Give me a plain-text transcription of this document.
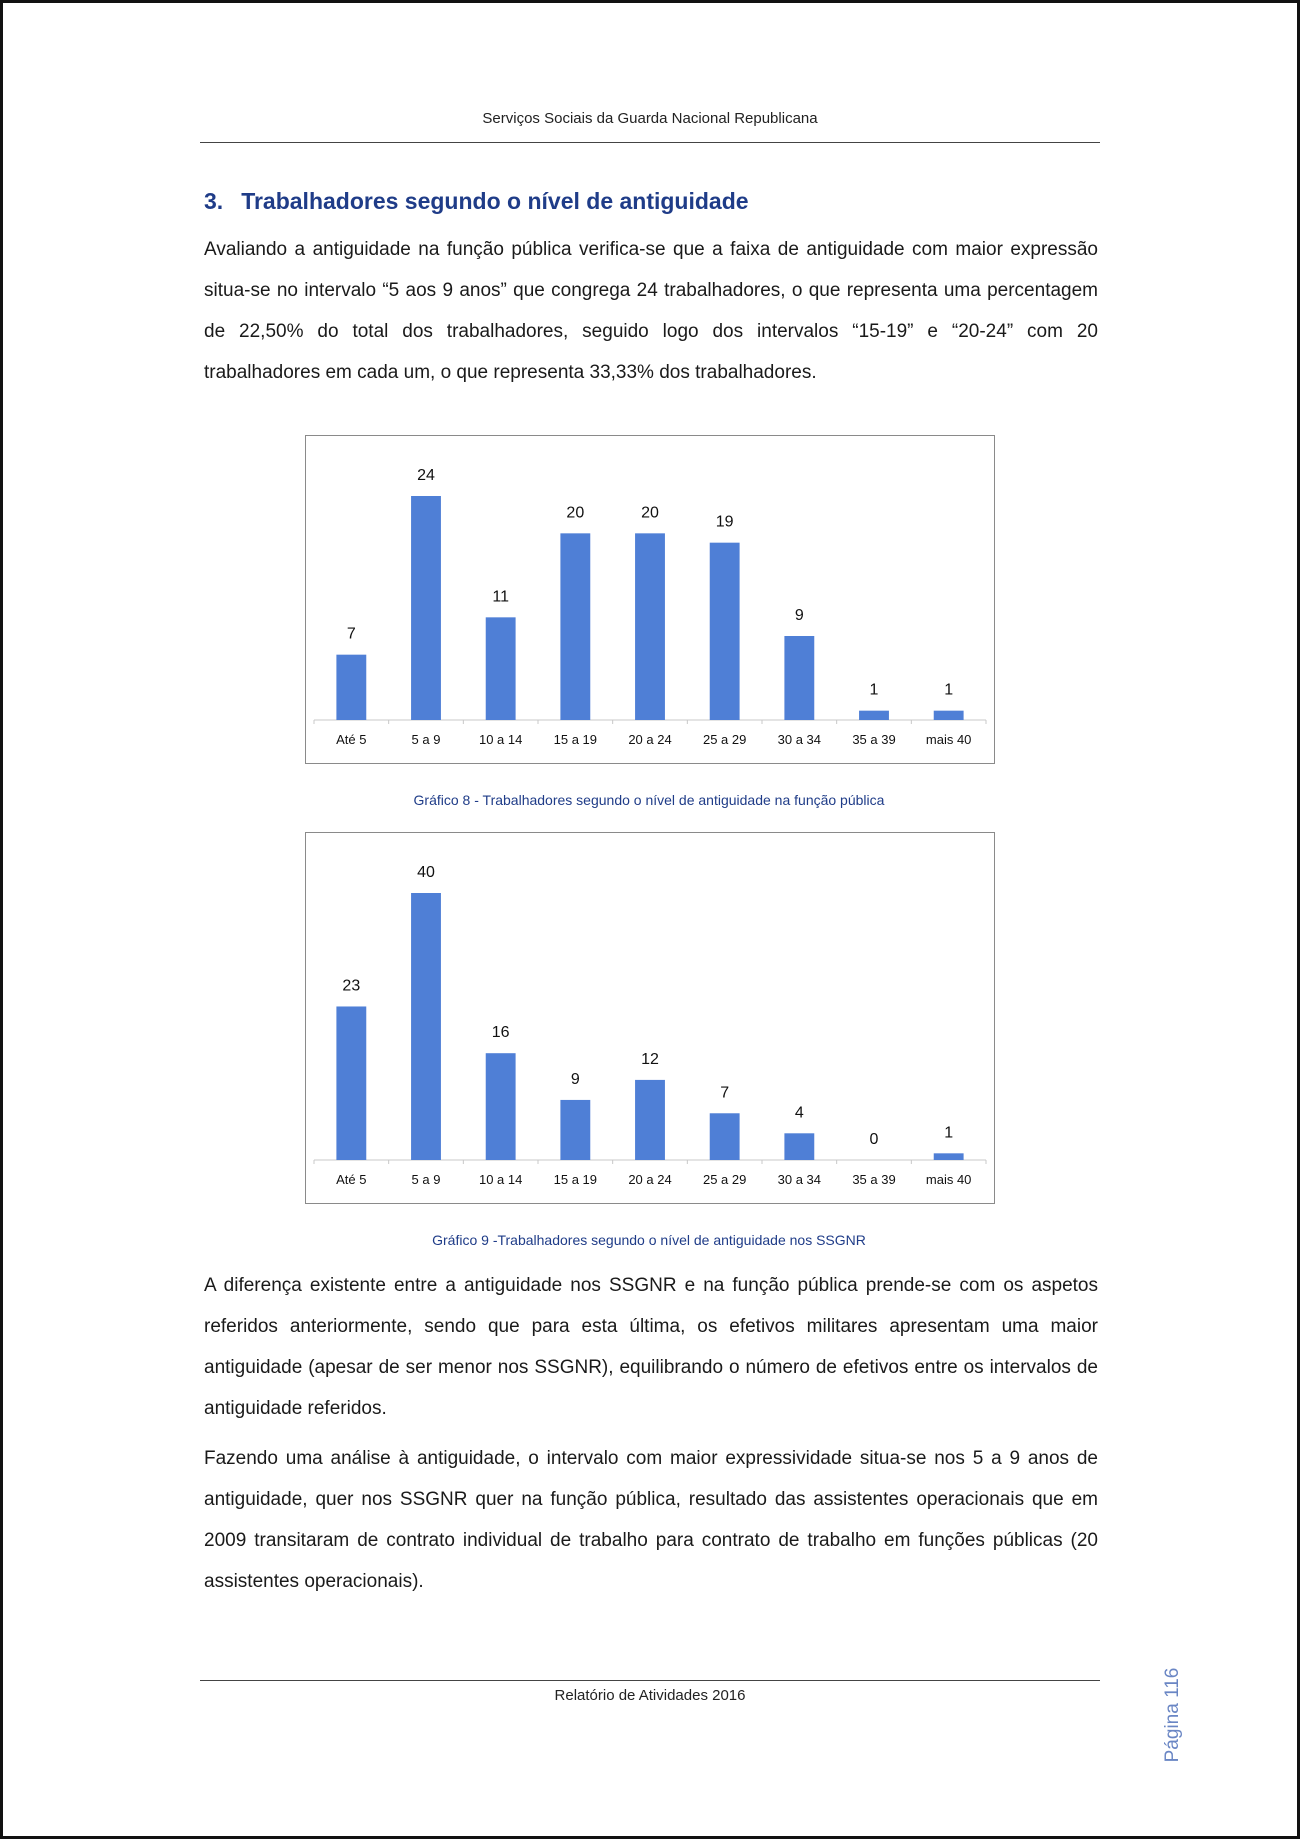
Serviços Sociais da Guarda Nacional Republicana
3. Trabalhadores segundo o nível de antiguidade

Avaliando a antiguidade na função pública verifica-se que a faixa de antiguidade com maior expressão situa-se no intervalo “5 aos 9 anos” que congrega 24 trabalhadores, o que representa uma percentagem de 22,50% do total dos trabalhadores, seguido logo dos intervalos “15-19” e “20-24” com 20 trabalhadores em cada um, o que representa 33,33% dos trabalhadores.

7
Até 5
24
5 a 9
11
10 a 14
20
15 a 19
20
20 a 24
19
25 a 29
9
30 a 34
1
35 a 39
1
mais 40

Gráfico 8 - Trabalhadores segundo o nível de antiguidade na função pública

23
Até 5
40
5 a 9
16
10 a 14
9
15 a 19
12
20 a 24
7
25 a 29
4
30 a 34
0
35 a 39
1
mais 40

Gráfico 9 -Trabalhadores segundo o nível de antiguidade nos SSGNR

A diferença existente entre a antiguidade nos SSGNR e na função pública prende-se com os aspetos referidos anteriormente, sendo que para esta última, os efetivos militares apresentam uma maior antiguidade (apesar de ser menor nos SSGNR), equilibrando o número de efetivos entre os intervalos de antiguidade referidos.

Fazendo uma análise à antiguidade, o intervalo com maior expressividade situa-se nos 5 a 9 anos de antiguidade, quer nos SSGNR quer na função pública, resultado das assistentes operacionais que em 2009 transitaram de contrato individual de trabalho para contrato de trabalho em funções públicas (20 assistentes operacionais).

Página 116
Relatório de Atividades 2016
